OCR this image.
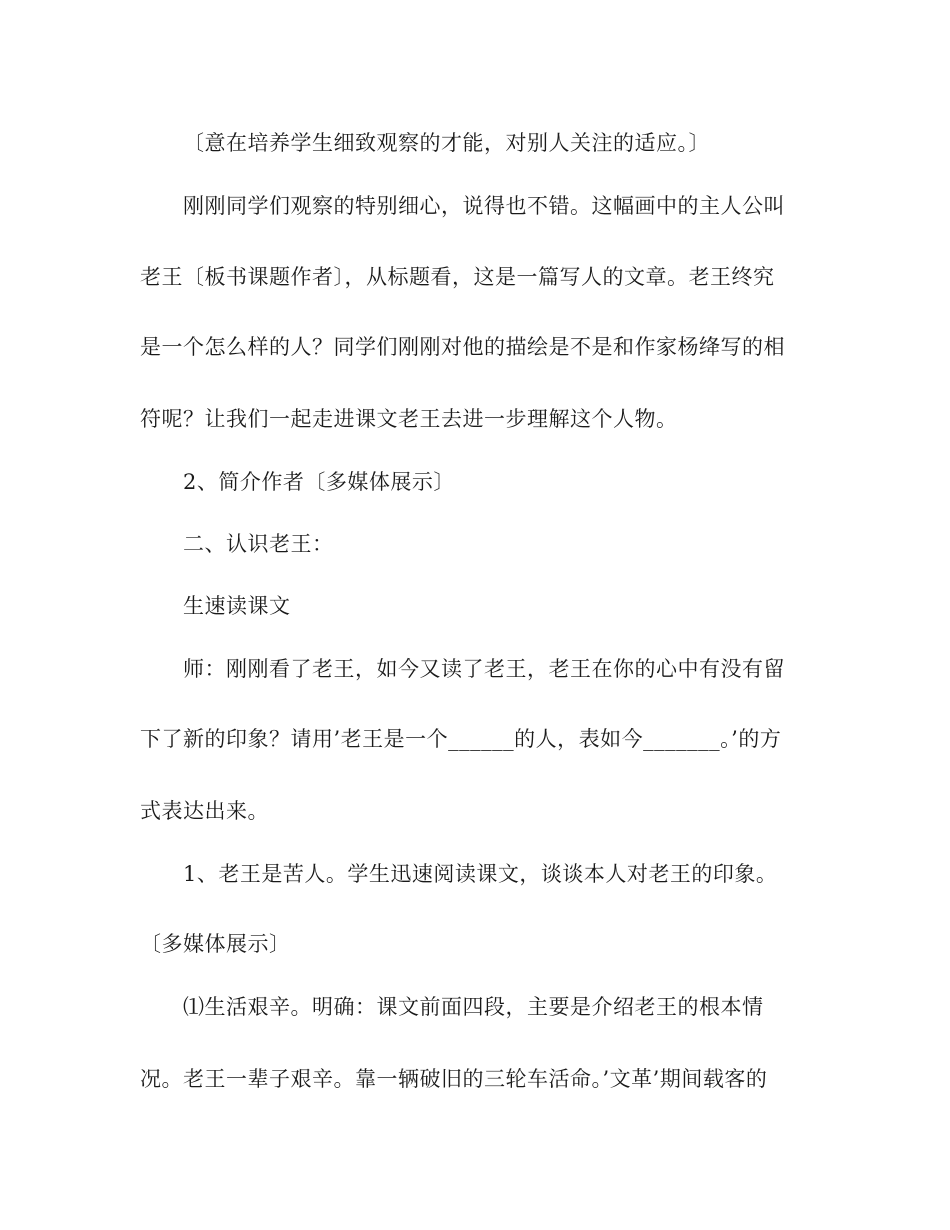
〔意在培养学生细致观察的才能，对别人关注的适应。〕
刚刚同学们观察的特别细心，说得也不错。这幅画中的主人公叫
老王〔板书课题作者〕，从标题看，这是一篇写人的文章。老王终究
是一个怎么样的人？同学们刚刚对他的描绘是不是和作家杨绛写的相
符呢？让我们一起走进课文老王去进一步理解这个人物。
2、简介作者〔多媒体展示〕
二、认识老王：
生速读课文
师：刚刚看了老王，如今又读了老王，老王在你的心中有没有留
下了新的印象？请用’老王是一个______的人，表如今_______。’的方
式表达出来。
1、老王是苦人。学生迅速阅读课文，谈谈本人对老王的印象。
〔多媒体展示〕
⑴生活艰辛。明确：课文前面四段，主要是介绍老王的根本情
况。老王一辈子艰辛。靠一辆破旧的三轮车活命。’文革’期间载客的
